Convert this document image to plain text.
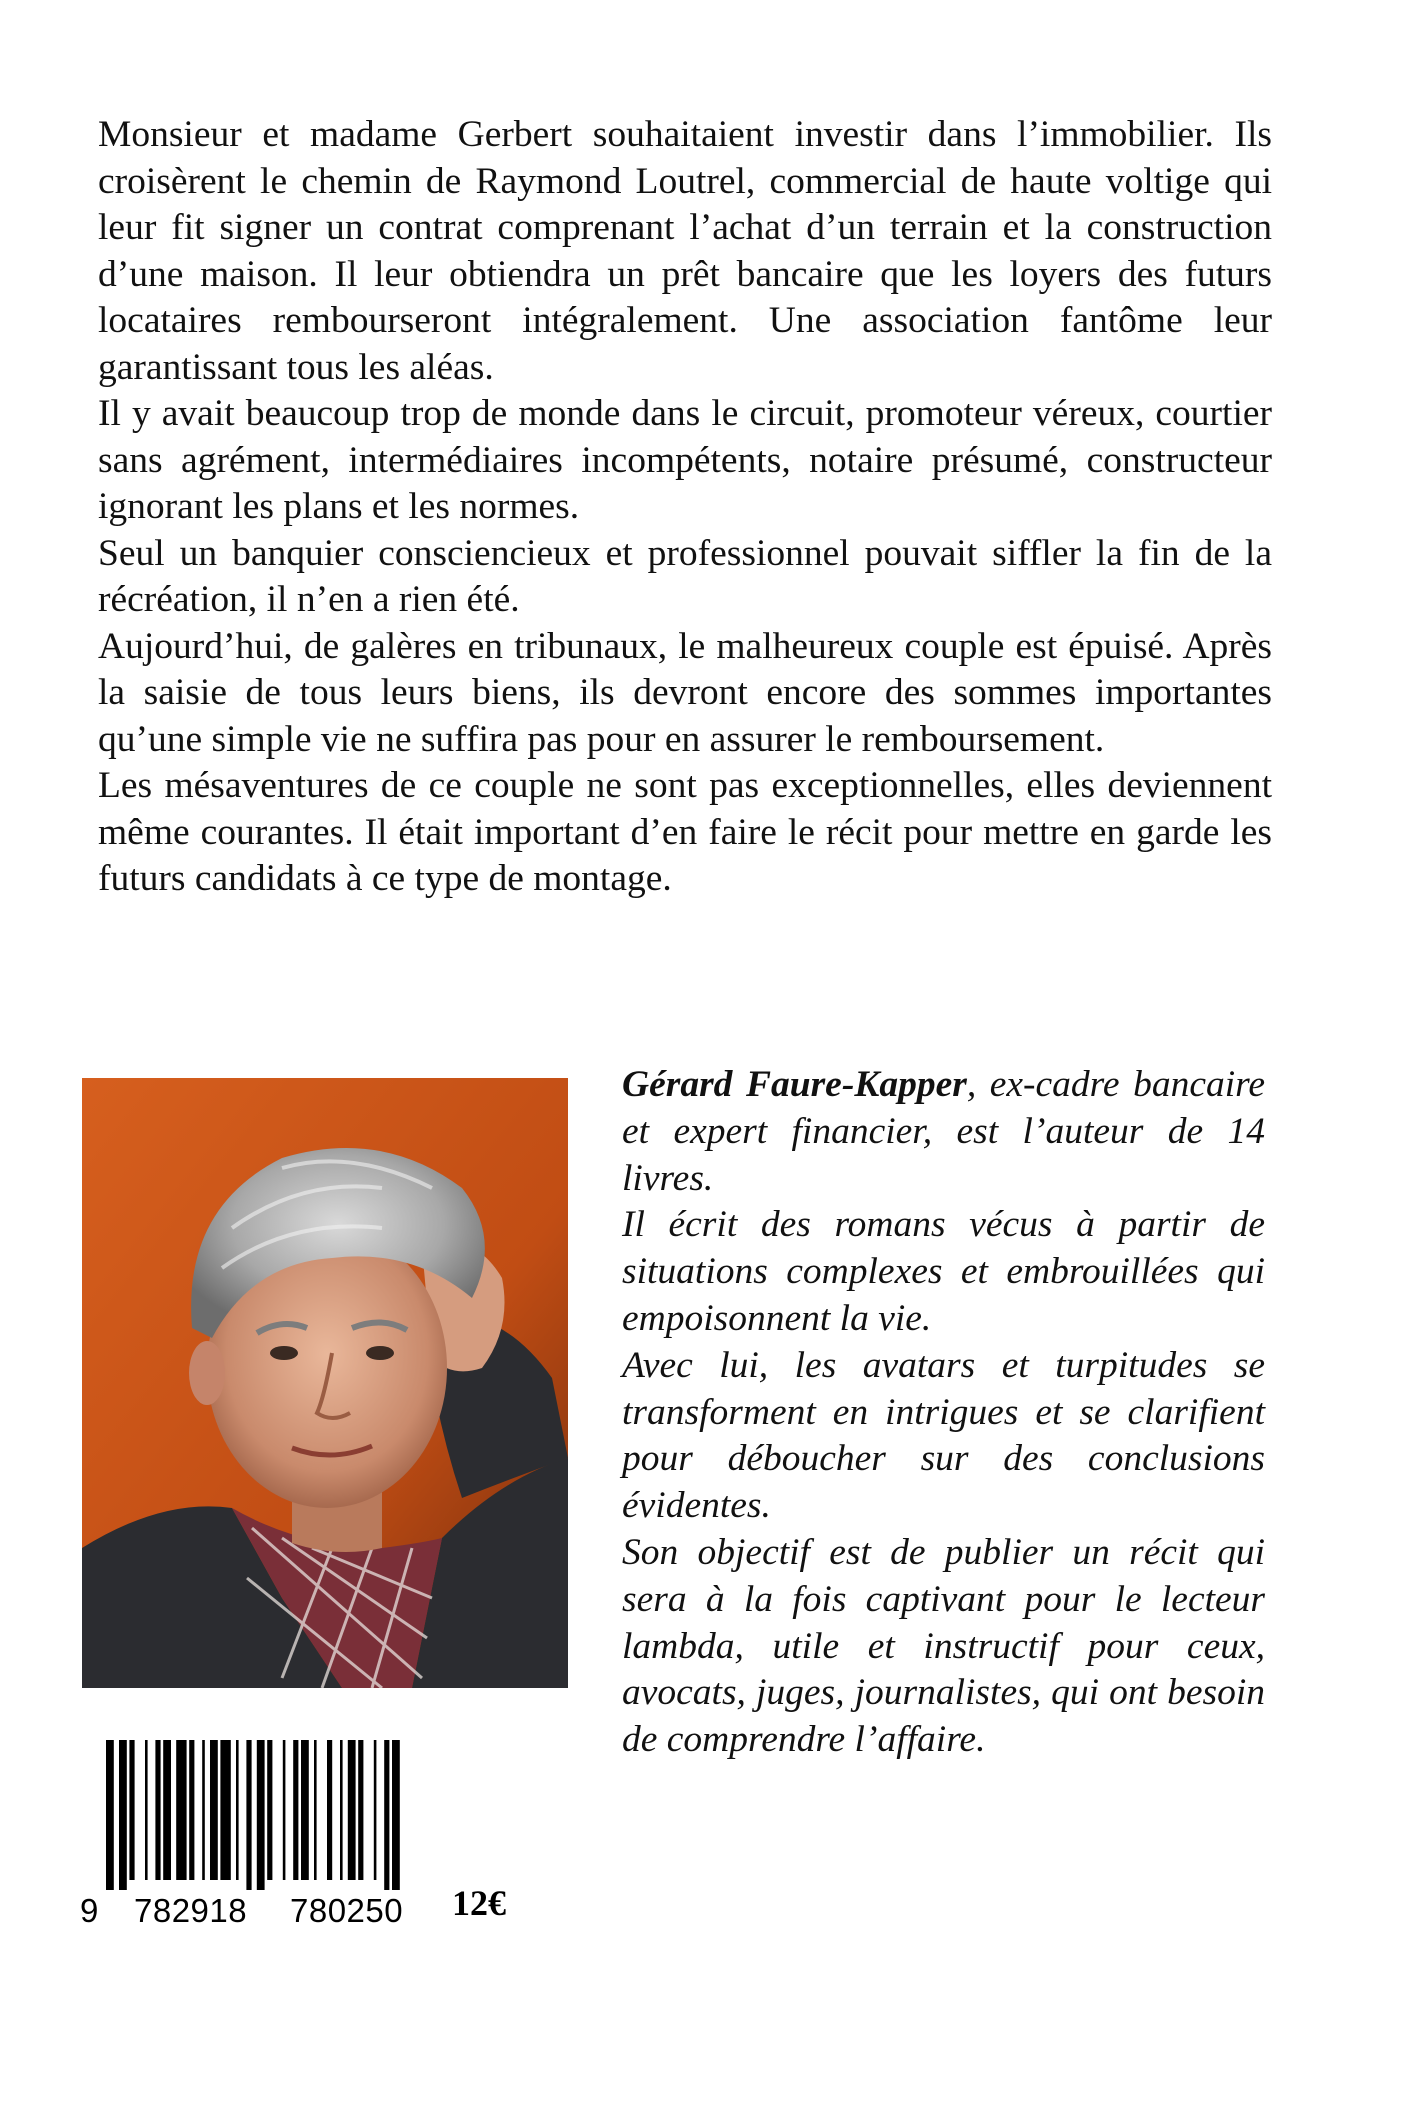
Monsieur et madame Gerbert souhaitaient investir dans l’immobilier. Ils croisèrent le chemin de Raymond Loutrel, commercial de haute voltige qui leur fit signer un contrat comprenant l’achat d’un terrain et la construction d’une maison. Il leur obtiendra un prêt bancaire que les loyers des futurs locataires rembourseront intégralement. Une association fantôme leur garantissant tous les aléas.

Il y avait beaucoup trop de monde dans le circuit, promoteur véreux, courtier sans agrément, intermédiaires incompétents, notaire présumé, constructeur ignorant les plans et les normes.

Seul un banquier consciencieux et professionnel pouvait siffler la fin de la récréation, il n’en a rien été.

Aujourd’hui, de galères en tribunaux, le malheureux couple est épuisé. Après la saisie de tous leurs biens, ils devront encore des sommes importantes qu’une simple vie ne suffira pas pour en assurer le remboursement.

Les mésaventures de ce couple ne sont pas exceptionnelles, elles deviennent même courantes. Il était important d’en faire le récit pour mettre en garde les futurs candidats à ce type de montage.

Gérard Faure-Kapper, ex-cadre bancaire et expert financier, est l’auteur de 14 livres.

Il écrit des romans vécus à partir de situations complexes et embrouillées qui empoisonnent la vie.

Avec lui, les avatars et turpitudes se transforment en intrigues et se clarifient pour déboucher sur des conclusions évidentes.

Son objectif est de publier un récit qui sera à la fois captivant pour le lecteur lambda, utile et instructif pour ceux, avocats, juges, journalistes, qui ont besoin de comprendre l’affaire.

9

782918

780250 12€
